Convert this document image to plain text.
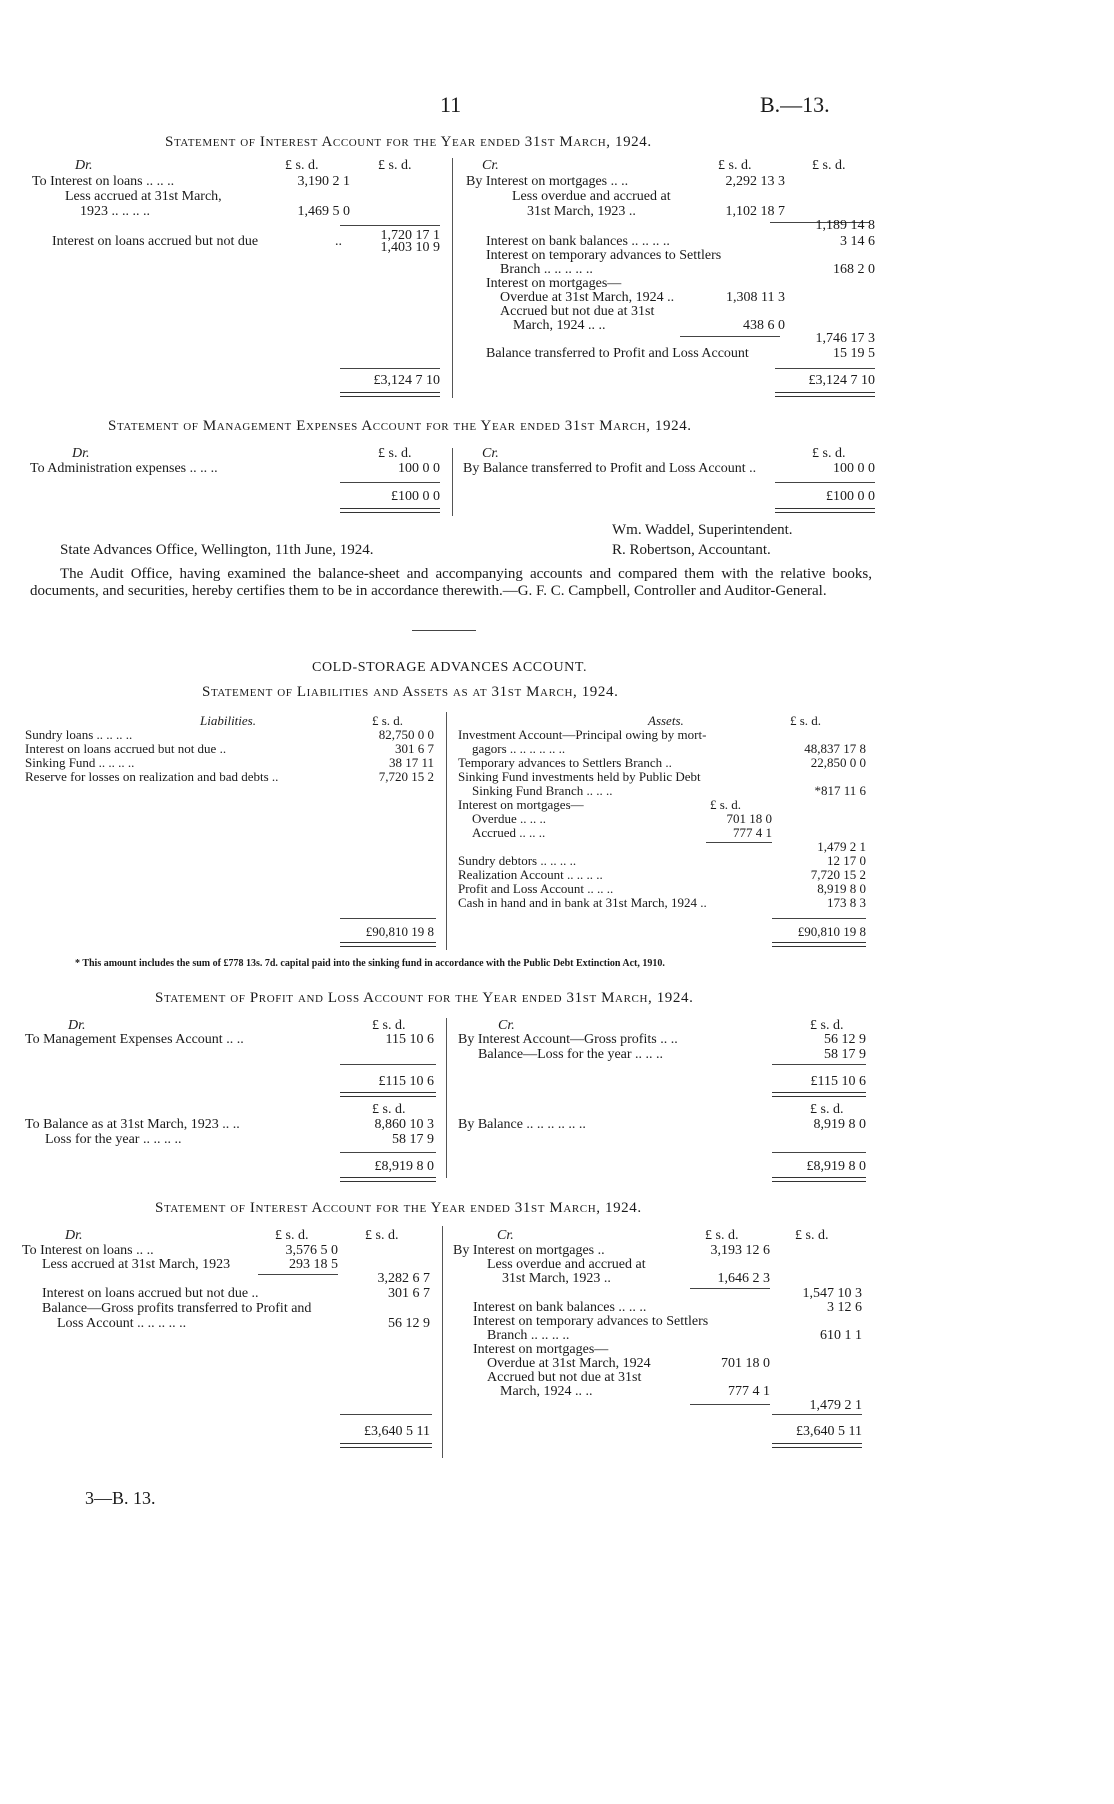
11	B.—13.
Statement of Interest Account for the Year ended 31st March, 1924.
Dr.	£ s. d.	£ s. d.
To Interest on loans .. .. ..	3,190 2 1
Less accrued at 31st March,
1923 .. .. .. ..	1,469 5 0
1,720 17 1
Interest on loans accrued but not due	..	1,403 10 9
£3,124 7 10
Cr.	£ s. d.	£ s. d.
By Interest on mortgages .. ..	2,292 13 3
Less overdue and accrued at
31st March, 1923 ..	1,102 18 7
1,189 14 8
Interest on bank balances .. .. .. ..	3 14 6
Interest on temporary advances to Settlers
Branch .. .. .. .. ..	168 2 0
Interest on mortgages—
Overdue at 31st March, 1924 ..	1,308 11 3
Accrued but not due at 31st
March, 1924 .. ..	438 6 0
1,746 17 3
Balance transferred to Profit and Loss Account	15 19 5
£3,124 7 10
Statement of Management Expenses Account for the Year ended 31st March, 1924.
Dr.	£ s. d.
To Administration expenses .. .. ..	100 0 0
£100 0 0
Cr.	£ s. d.
By Balance transferred to Profit and Loss Account ..	100 0 0
£100 0 0
Wm. Waddel, Superintendent.
R. Robertson, Accountant.
State Advances Office, Wellington, 11th June, 1924.
The Audit Office, having examined the balance-sheet and accompanying accounts and compared them with the relative books, documents, and securities, hereby certifies them to be in accordance therewith.—G. F. C. Campbell, Controller and Auditor-General.
COLD-STORAGE ADVANCES ACCOUNT.
Statement of Liabilities and Assets as at 31st March, 1924.
Liabilities.	£ s. d.
Sundry loans .. .. .. ..	82,750 0 0
Interest on loans accrued but not due ..	301 6 7
Sinking Fund .. .. .. ..	38 17 11
Reserve for losses on realization and bad debts ..	7,720 15 2
£90,810 19 8
Assets.	£ s. d.
Investment Account—Principal owing by mort-
gagors .. .. .. .. .. ..	48,837 17 8
Temporary advances to Settlers Branch ..	22,850 0 0
Sinking Fund investments held by Public Debt
Sinking Fund Branch .. .. ..	*817 11 6
Interest on mortgages—	£ s. d.
Overdue .. .. ..	701 18 0
Accrued .. .. ..	777 4 1
1,479 2 1
Sundry debtors .. .. .. ..	12 17 0
Realization Account .. .. .. ..	7,720 15 2
Profit and Loss Account .. .. ..	8,919 8 0
Cash in hand and in bank at 31st March, 1924 ..	173 8 3
£90,810 19 8
* This amount includes the sum of £778 13s. 7d. capital paid into the sinking fund in accordance with the Public Debt Extinction Act, 1910.
Statement of Profit and Loss Account for the Year ended 31st March, 1924.
Dr.	£ s. d.
To Management Expenses Account .. ..	115 10 6
£115 10 6
£ s. d.
To Balance as at 31st March, 1923 .. ..	8,860 10 3
Loss for the year .. .. .. ..	58 17 9
£8,919 8 0
Cr.	£ s. d.
By Interest Account—Gross profits .. ..	56 12 9
Balance—Loss for the year .. .. ..	58 17 9
£115 10 6
£ s. d.
By Balance .. .. .. .. .. ..	8,919 8 0
£8,919 8 0
Statement of Interest Account for the Year ended 31st March, 1924.
Dr.	£ s. d.	£ s. d.
To Interest on loans .. ..	3,576 5 0
Less accrued at 31st March, 1923	293 18 5
3,282 6 7
Interest on loans accrued but not due ..	301 6 7
Balance—Gross profits transferred to Profit and
Loss Account .. .. .. .. ..	56 12 9
£3,640 5 11
Cr.	£ s. d.	£ s. d.
By Interest on mortgages ..	3,193 12 6
Less overdue and accrued at
31st March, 1923 ..	1,646 2 3
1,547 10 3
Interest on bank balances .. .. ..	3 12 6
Interest on temporary advances to Settlers
Branch .. .. .. ..	610 1 1
Interest on mortgages—
Overdue at 31st March, 1924	701 18 0
Accrued but not due at 31st
March, 1924 .. ..	777 4 1
1,479 2 1
£3,640 5 11
3—B. 13.
